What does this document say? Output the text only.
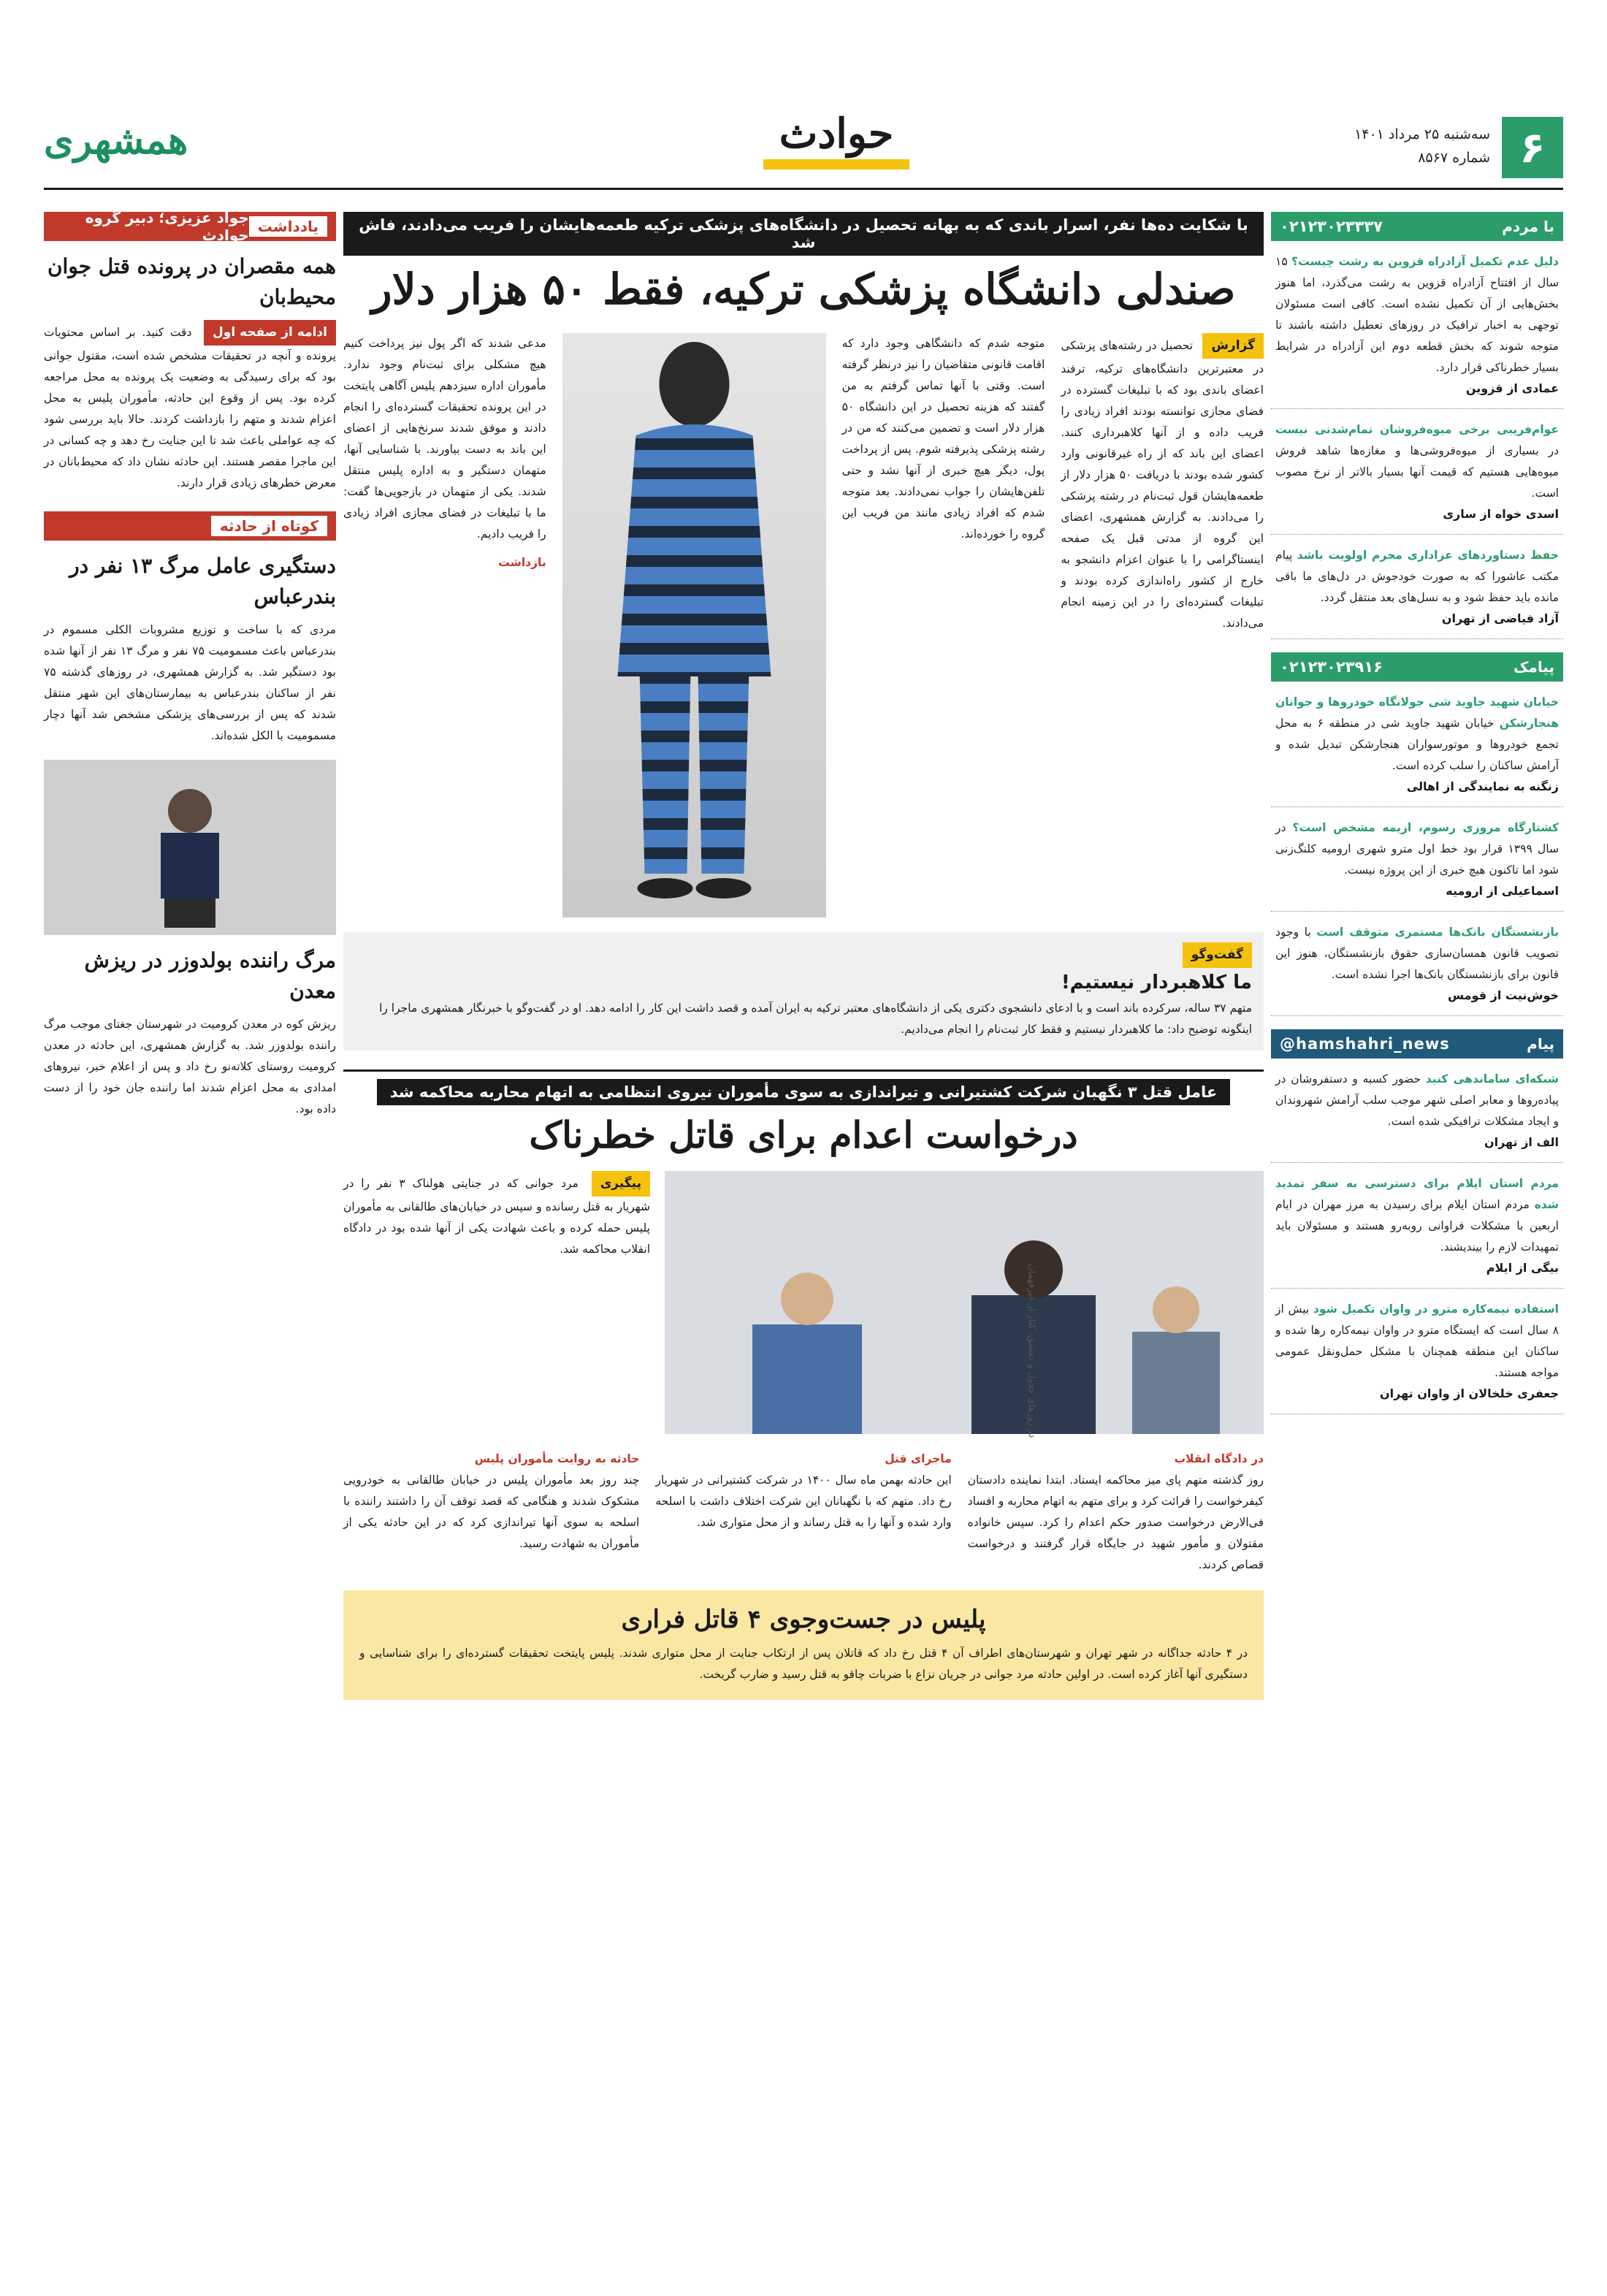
۶
سه‌شنبه ۲۵ مرداد ۱۴۰۱
شماره ۸۵۶۷
حوادث
همشهری
با مردم
۰۲۱۲۳۰۲۳۳۳۷

دلیل عدم تکمیل آزادراه قزوین به رشت چیست؟ ۱۵ سال از افتتاح آزادراه قزوین به رشت می‌گذرد، اما هنوز بخش‌هایی از آن تکمیل نشده است. کافی است مسئولان توجهی به اخبار ترافیک در روزهای تعطیل داشته باشند تا متوجه شوند که بخش قطعه دوم این آزادراه در شرایط بسیار خطرناکی قرار دارد.

عمادی از قزوین

عوام‌فریبی برخی میوه‌فروشان تمام‌شدنی نیست در بسیاری از میوه‌فروشی‌ها و مغازه‌ها شاهد فروش میوه‌هایی هستیم که قیمت آنها بسیار بالاتر از نرخ مصوب است.

اسدی خواه از ساری

حفظ دستاوردهای عزاداری محرم اولویت باشد پیام مکتب عاشورا که به صورت خودجوش در دل‌های ما باقی مانده باید حفظ شود و به نسل‌های بعد منتقل گردد.

آزاد فیاضی از تهران
پیامک
۰۲۱۲۳۰۲۳۹۱۶

خیابان شهید جاوید شی جولانگاه خودروها و جوانان هنجارشکن خیابان شهید جاوید شی در منطقه ۶ به محل تجمع خودروها و موتورسواران هنجارشکن تبدیل شده و آرامش ساکنان را سلب کرده است.

زنگنه به نمایندگی از اهالی

کشتارگاه مروزی رسوم، ازیمه مشخص است؟ در سال ۱۳۹۹ قرار بود خط اول مترو شهری ارومیه کلنگ‌زنی شود اما تاکنون هیچ خبری از این پروژه نیست.

اسماعیلی از ارومیه

بازنشستگان بانک‌ها مستمری متوقف است با وجود تصویب قانون همسان‌سازی حقوق بازنشستگان، هنوز این قانون برای بازنشستگان بانک‌ها اجرا نشده است.

خوش‌نیت از قومس
پیام
@hamshahri_news

شبکه‌ای ساماندهی کنید حضور کسبه و دستفروشان در پیاده‌روها و معابر اصلی شهر موجب سلب آرامش شهروندان و ایجاد مشکلات ترافیکی شده است.

الف از تهران

مردم استان ایلام برای دسترسی به سفر تمدید شده مردم استان ایلام برای رسیدن به مرز مهران در ایام اربعین با مشکلات فراوانی روبه‌رو هستند و مسئولان باید تمهیدات لازم را بیندیشند.

بیگی از ایلام

استفاده نیمه‌کاره مترو در واوان تکمیل شود بیش از ۸ سال است که ایستگاه مترو در واوان نیمه‌کاره رها شده و ساکنان این منطقه همچنان با مشکل حمل‌ونقل عمومی مواجه هستند.

جعفری خلخالان از واوان تهران
با شکایت ده‌ها نفر، اسرار باندی که به بهانه تحصیل در دانشگاه‌های پزشکی ترکیه طعمه‌هایشان را فریب می‌دادند، فاش شد
صندلی دانشگاه پزشکی ترکیه، فقط ۵۰ هزار دلار
گزارش تحصیل در رشته‌های پزشکی در معتبرترین دانشگاه‌های ترکیه، ترفند اعضای باندی بود که با تبلیغات گسترده در فضای مجازی توانسته بودند افراد زیادی را فریب داده و از آنها کلاهبرداری کنند. اعضای این باند که از راه غیرقانونی وارد کشور شده بودند با دریافت ۵۰ هزار دلار از طعمه‌هایشان قول ثبت‌نام در رشته پزشکی را می‌دادند. به گزارش همشهری، اعضای این گروه از مدتی قبل یک صفحه اینستاگرامی را با عنوان اعزام دانشجو به خارج از کشور راه‌اندازی کرده بودند و تبلیغات گسترده‌ای را در این زمینه انجام می‌دادند.
متوجه شدم که دانشگاهی وجود دارد که اقامت قانونی متقاضیان را نیز درنظر گرفته است. وقتی با آنها تماس گرفتم به من گفتند که هزینه تحصیل در این دانشگاه ۵۰ هزار دلار است و تضمین می‌کنند که من در رشته پزشکی پذیرفته شوم. پس از پرداخت پول، دیگر هیچ خبری از آنها نشد و حتی تلفن‌هایشان را جواب نمی‌دادند. بعد متوجه شدم که افراد زیادی مانند من فریب این گروه را خورده‌اند.
مدعی شدند که اگر پول نیز پرداخت کنیم هیچ مشکلی برای ثبت‌نام وجود ندارد. مأموران اداره سیزدهم پلیس آگاهی پایتخت در این پرونده تحقیقات گسترده‌ای را انجام دادند و موفق شدند سرنخ‌هایی از اعضای این باند به دست بیاورند. با شناسایی آنها، متهمان دستگیر و به اداره پلیس منتقل شدند. یکی از متهمان در بازجویی‌ها گفت: ما با تبلیغات در فضای مجازی افراد زیادی را فریب دادیم.
بازداشت
گفت‌وگو
ما کلاهبردار نیستیم!
متهم ۳۷ ساله، سرکرده باند است و با ادعای دانشجوی دکتری یکی از دانشگاه‌های معتبر ترکیه به ایران آمده و قصد داشت این کار را ادامه دهد. او در گفت‌وگو با خبرنگار همشهری ماجرا را اینگونه توضیح داد: ما کلاهبردار نیستیم و فقط کار ثبت‌نام را انجام می‌دادیم.
عامل قتل ۳ نگهبان شرکت کشتیرانی و تیراندازی به سوی مأموران نیروی انتظامی به اتهام محاربه محاکمه شد
درخواست اعدام برای قاتل خطرناک
پیگیری مرد جوانی که در جنایتی هولناک ۳ نفر را در شهریار به قتل رسانده و سپس در خیابان‌های طالقانی به مأموران پلیس حمله کرده و باعث شهادت یکی از آنها شده بود در دادگاه انقلاب محاکمه شد.
در دادگاه انقلاب
روز گذشته متهم پای میز محاکمه ایستاد. ابتدا نماینده دادستان کیفرخواست را قرائت کرد و برای متهم به اتهام محاربه و افساد فی‌الارض درخواست صدور حکم اعدام را کرد. سپس خانواده مقتولان و مأمور شهید در جایگاه قرار گرفتند و درخواست قصاص کردند.
ماجرای قتل
این حادثه بهمن ماه سال ۱۴۰۰ در شرکت کشتیرانی در شهریار رخ داد. متهم که با نگهبانان این شرکت اختلاف داشت با اسلحه وارد شده و آنها را به قتل رساند و از محل متواری شد.
حادثه به روایت مأموران پلیس
چند روز بعد مأموران پلیس در خیابان طالقانی به خودرویی مشکوک شدند و هنگامی که قصد توقف آن را داشتند راننده با اسلحه به سوی آنها تیراندازی کرد که در این حادثه یکی از مأموران به شهادت رسید.
پلیس در جست‌وجوی ۴ قاتل فراری
در ۴ حادثه جداگانه در شهر تهران و شهرستان‌های اطراف آن ۴ قتل رخ داد که قاتلان پس از ارتکاب جنایت از محل متواری شدند. پلیس پایتخت تحقیقات گسترده‌ای را برای شناسایی و دستگیری آنها آغاز کرده است. در اولین حادثه مرد جوانی در جریان نزاع با ضربات چاقو به قتل رسید و ضارب گریخت.
یادداشت
جواد عزیزی؛ دبیر گروه حوادث
همه مقصران در پرونده قتل جوان محیط‌بان
ادامه از صفحه اول دقت کنید. بر اساس محتویات پرونده و آنچه در تحقیقات مشخص شده است، مقتول جوانی بود که برای رسیدگی به وضعیت یک پرونده به محل مراجعه کرده بود. پس از وقوع این حادثه، مأموران پلیس به محل اعزام شدند و متهم را بازداشت کردند. حالا باید بررسی شود که چه عواملی باعث شد تا این جنایت رخ دهد و چه کسانی در این ماجرا مقصر هستند. این حادثه نشان داد که محیط‌بانان در معرض خطرهای زیادی قرار دارند.
کوتاه از حادثه
دستگیری عامل مرگ ۱۳ نفر در بندرعباس
مردی که با ساخت و توزیع مشروبات الکلی مسموم در بندرعباس باعث مسمومیت ۷۵ نفر و مرگ ۱۳ نفر از آنها شده بود دستگیر شد. به گزارش همشهری، در روزهای گذشته ۷۵ نفر از ساکنان بندرعباس به بیمارستان‌های این شهر منتقل شدند که پس از بررسی‌های پزشکی مشخص شد آنها دچار مسمومیت با الکل شده‌اند.
مرگ راننده بولدوزر در ریزش معدن
ریزش کوه در معدن کرومیت در شهرستان جغتای موجب مرگ راننده بولدوزر شد. به گزارش همشهری، این حادثه در معدن کرومیت روستای کلاته‌نو رخ داد و پس از اعلام خبر، نیروهای امدادی به محل اعزام شدند اما راننده جان خود را از دست داده بود.
در روزهای جدول و دمشق، کنار از غیرفهمان
